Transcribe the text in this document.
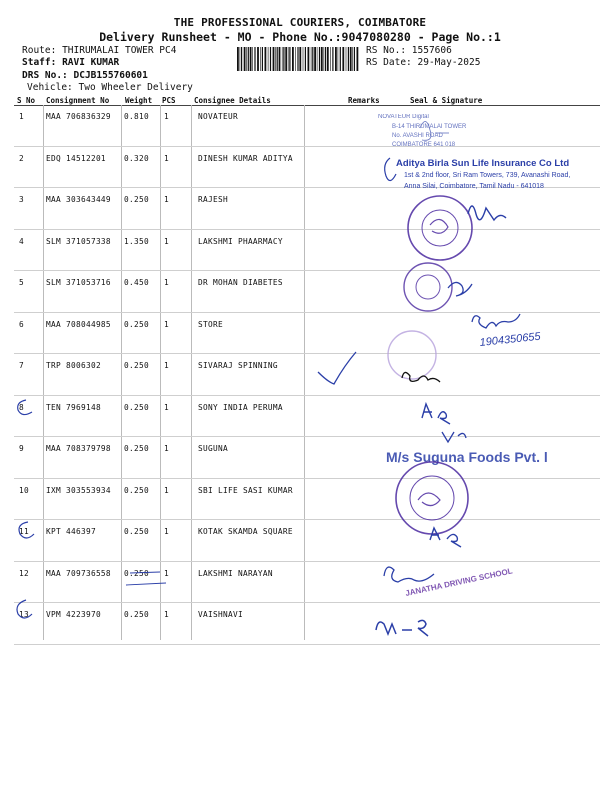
THE PROFESSIONAL COURIERS, COIMBATORE
Delivery Runsheet - MO - Phone No.:9047080280 - Page No.:1
Route: THIRUMALAI TOWER PC4
Staff: RAVI KUMAR
DRS No.: DCJB155760601
Vehicle: Two Wheeler Delivery
RS No.: 1557606
RS Date: 29-May-2025
S No Consignment No Weight PCS Consignee Details	Remarks	Seal & Signature
1	MAA 706836329 0.810 1	NOVATEUR
2	EDQ 14512201 0.320 1	DINESH KUMAR ADITYA
3	MAA 303643449 0.250 1	RAJESH
4	SLM 371057338 1.350 1	LAKSHMI PHAARMACY
5	SLM 371053716 0.450 1	DR MOHAN DIABETES
6	MAA 708044985 0.250 1	STORE
7	TRP 8006302	0.250 1	SIVARAJ SPINNING
8	TEN 7969148	0.250 1	SONY INDIA PERUMA
9	MAA 708379798 0.250 1	SUGUNA
10 IXM 303553934 0.250 1	SBI LIFE SASI KUMAR
11 KPT 446397	0.250 1	KOTAK SKAMDA SQUARE
12 MAA 709736558 0.250 1	LAKSHMI NARAYAN
13 VPM 4223970	0.250 1	VAISHNAVI
NOVATEUR Digital
B-14 THIRUMALAI TOWER
No. AVASHI ROAD
COIMBATORE 641 018
Aditya Birla Sun Life Insurance Co Ltd
1st & 2nd floor, Sri Ram Towers, 739, Avanashi Road,
Anna Silai, Coimbatore, Tamil Nadu - 641018
1904350655
M/s Suguna Foods Pvt. l
JANATHA DRIVING SCHOOL
